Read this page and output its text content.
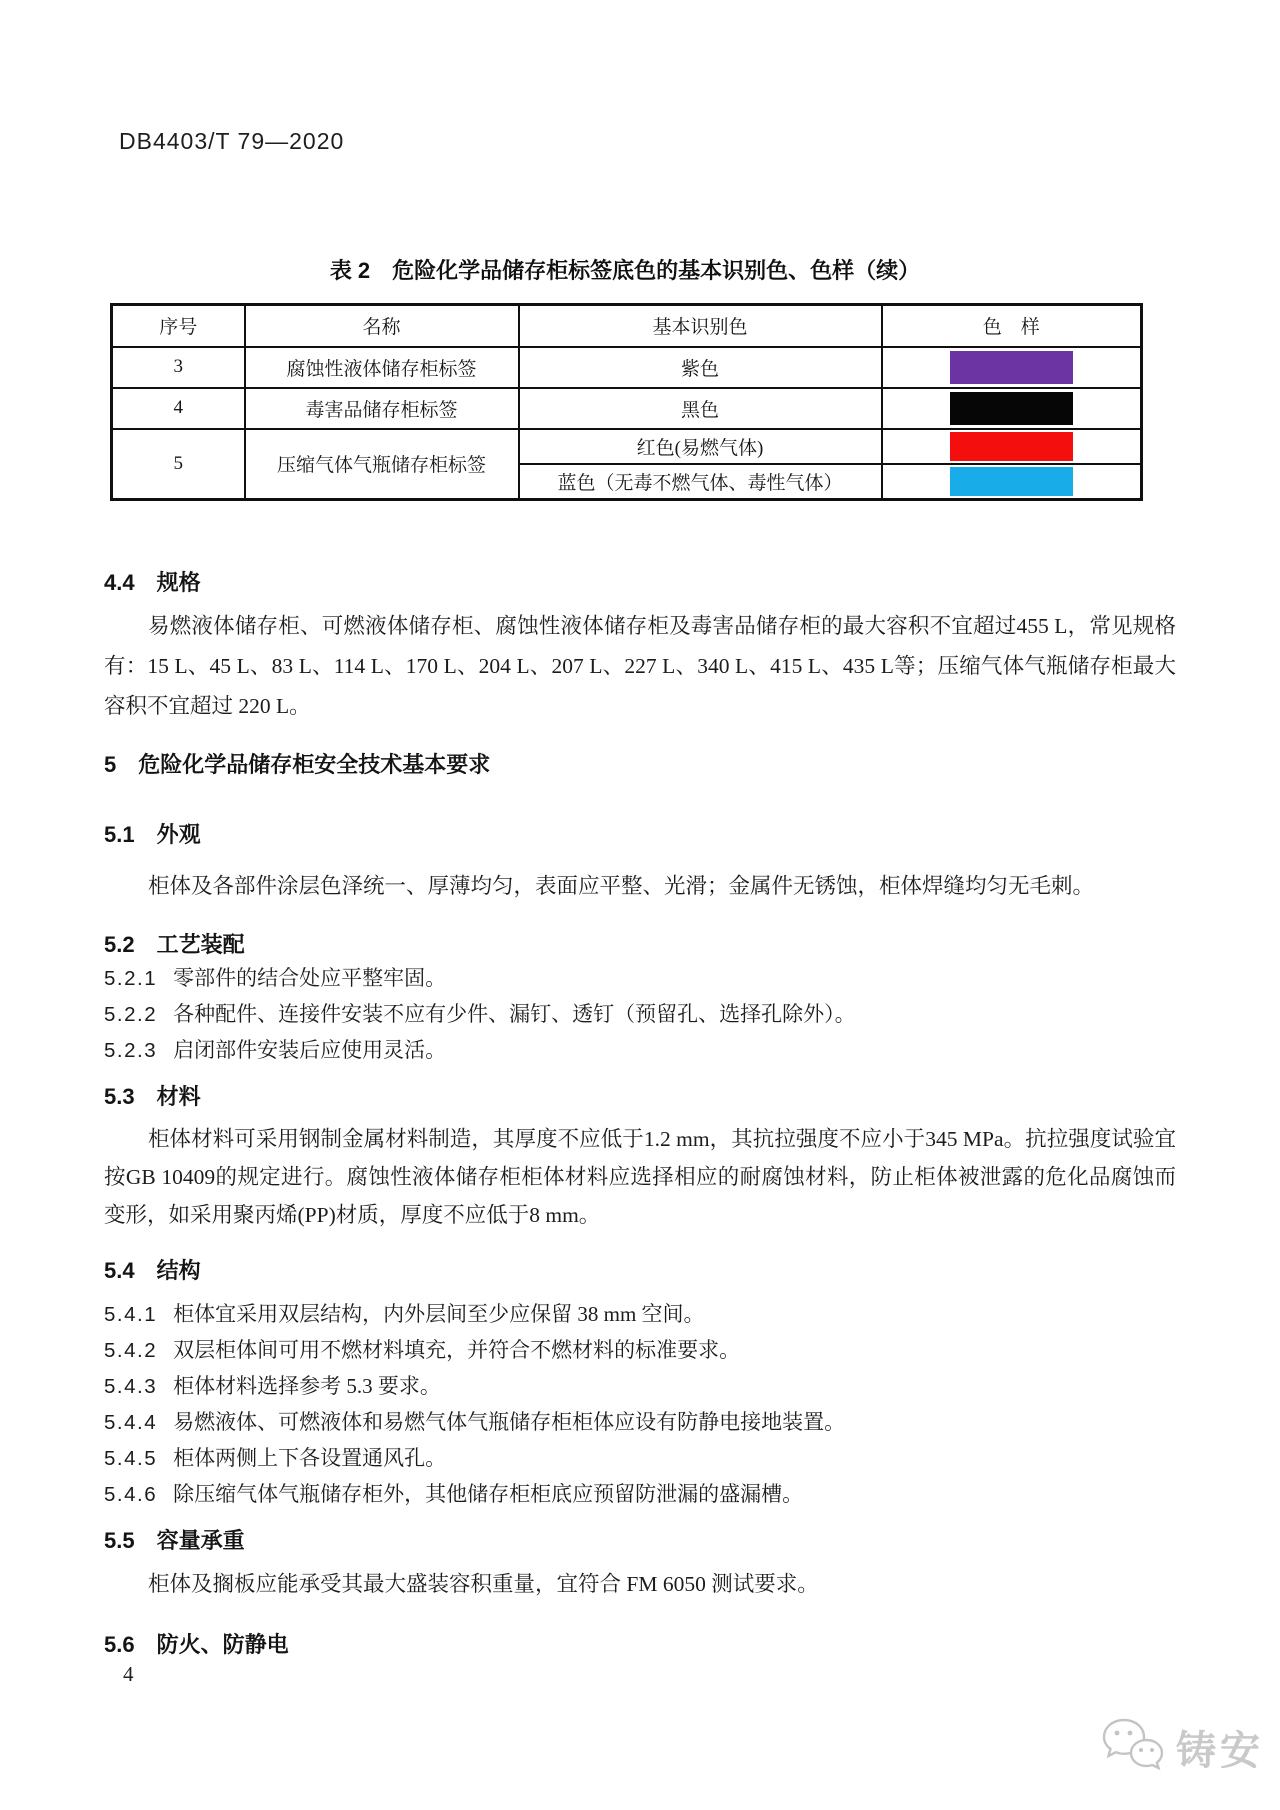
DB4403/T 79—2020
表 2　危险化学品储存柜标签底色的基本识别色、色样（续）
序号	名称	基本识别色	色　样
3	腐蚀性液体储存柜标签	紫色	

4	毒害品储存柜标签	黑色	

5	压缩气体气瓶储存柜标签	红色(易燃气体)	

		蓝色（无毒不燃气体、毒性气体）	
4.4 规格
易燃液体储存柜、可燃液体储存柜、腐蚀性液体储存柜及毒害品储存柜的最大容积不宜超过455 L，常见规格有：15 L、45 L、83 L、114 L、170 L、204 L、207 L、227 L、340 L、415 L、435 L等；压缩气体气瓶储存柜最大容积不宜超过 220 L。
5 危险化学品储存柜安全技术基本要求
5.1 外观
柜体及各部件涂层色泽统一、厚薄均匀，表面应平整、光滑；金属件无锈蚀，柜体焊缝均匀无毛刺。
5.2 工艺装配
5.2.1 零部件的结合处应平整牢固。
5.2.2 各种配件、连接件安装不应有少件、漏钉、透钉（预留孔、选择孔除外）。
5.2.3 启闭部件安装后应使用灵活。
5.3 材料
柜体材料可采用钢制金属材料制造，其厚度不应低于1.2 mm，其抗拉强度不应小于345 MPa。抗拉强度试验宜按GB 10409的规定进行。腐蚀性液体储存柜柜体材料应选择相应的耐腐蚀材料，防止柜体被泄露的危化品腐蚀而变形，如采用聚丙烯(PP)材质，厚度不应低于8 mm。
5.4 结构
5.4.1 柜体宜采用双层结构，内外层间至少应保留 38 mm 空间。
5.4.2 双层柜体间可用不燃材料填充，并符合不燃材料的标准要求。
5.4.3 柜体材料选择参考 5.3 要求。
5.4.4 易燃液体、可燃液体和易燃气体气瓶储存柜柜体应设有防静电接地装置。
5.4.5 柜体两侧上下各设置通风孔。
5.4.6 除压缩气体气瓶储存柜外，其他储存柜柜底应预留防泄漏的盛漏槽。
5.5 容量承重
柜体及搁板应能承受其最大盛装容积重量，宜符合 FM 6050 测试要求。
5.6 防火、防静电
4
铸安
